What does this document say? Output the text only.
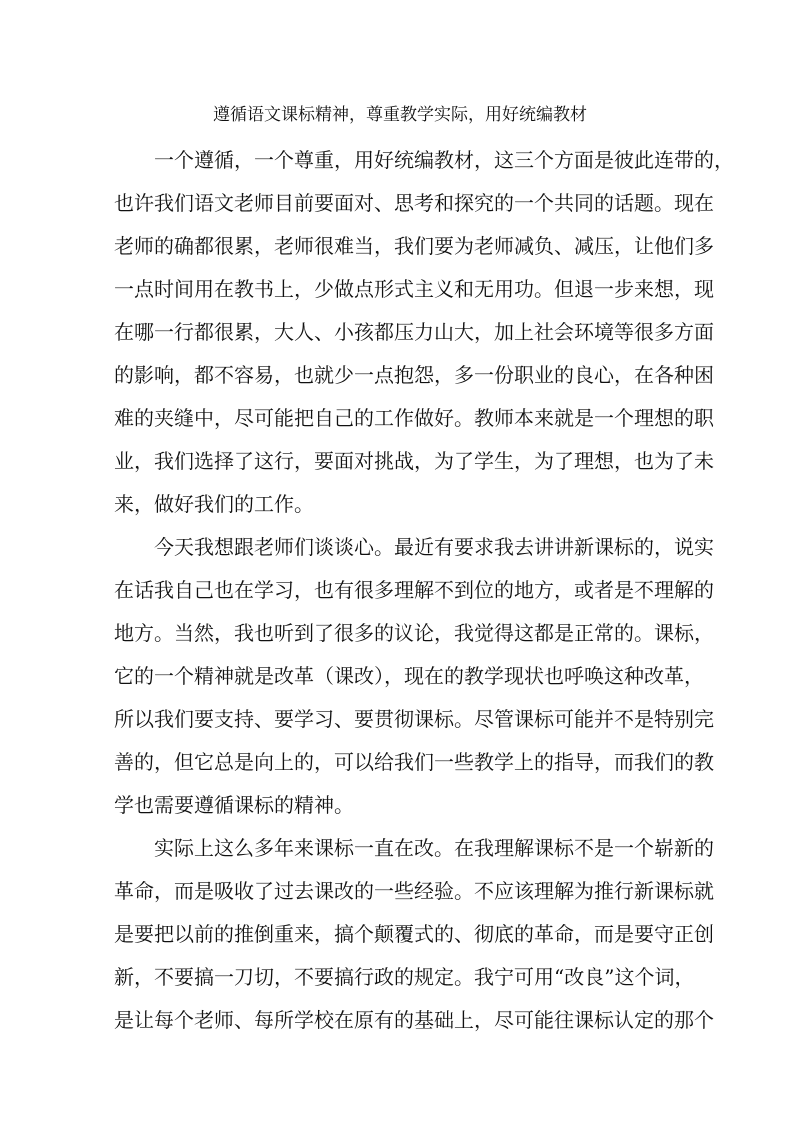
遵循语文课标精神，尊重教学实际，用好统编教材

一个遵循，一个尊重，用好统编教材，这三个方面是彼此连带的，

也许我们语文老师目前要面对、思考和探究的一个共同的话题。现在

老师的确都很累，老师很难当，我们要为老师减负、减压，让他们多

一点时间用在教书上，少做点形式主义和无用功。但退一步来想，现

在哪一行都很累，大人、小孩都压力山大，加上社会环境等很多方面

的影响，都不容易，也就少一点抱怨，多一份职业的良心，在各种困

难的夹缝中，尽可能把自己的工作做好。教师本来就是一个理想的职

业，我们选择了这行，要面对挑战，为了学生，为了理想，也为了未

来，做好我们的工作。

今天我想跟老师们谈谈心。最近有要求我去讲讲新课标的，说实

在话我自己也在学习，也有很多理解不到位的地方，或者是不理解的

地方。当然，我也听到了很多的议论，我觉得这都是正常的。课标，

它的一个精神就是改革（课改），现在的教学现状也呼唤这种改革，

所以我们要支持、要学习、要贯彻课标。尽管课标可能并不是特别完

善的，但它总是向上的，可以给我们一些教学上的指导，而我们的教

学也需要遵循课标的精神。

实际上这么多年来课标一直在改。在我理解课标不是一个崭新的

革命，而是吸收了过去课改的一些经验。不应该理解为推行新课标就

是要把以前的推倒重来，搞个颠覆式的、彻底的革命，而是要守正创

新，不要搞一刀切，不要搞行政的规定。我宁可用“改良”这个词，

是让每个老师、每所学校在原有的基础上，尽可能往课标认定的那个
